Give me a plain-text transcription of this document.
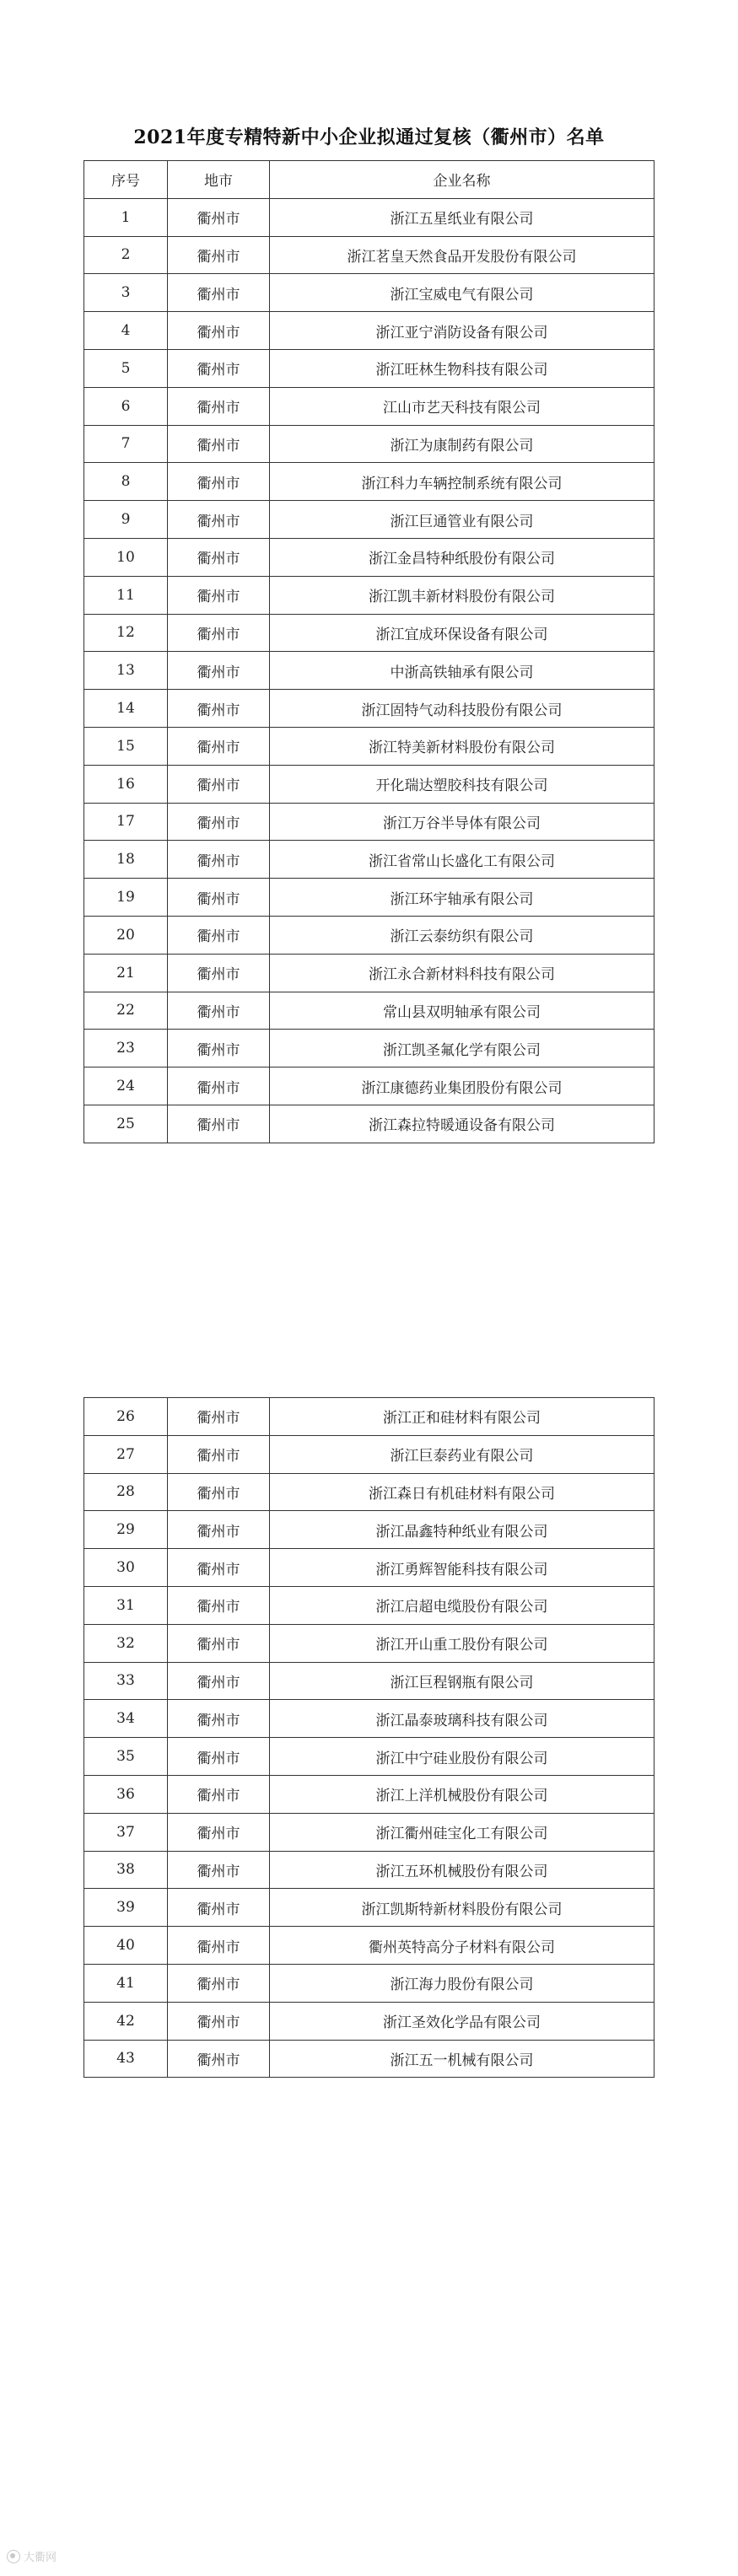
2021年度专精特新中小企业拟通过复核（衢州市）名单
序号	地市	企业名称
1	衢州市	浙江五星纸业有限公司
2	衢州市	浙江茗皇天然食品开发股份有限公司
3	衢州市	浙江宝威电气有限公司
4	衢州市	浙江亚宁消防设备有限公司
5	衢州市	浙江旺林生物科技有限公司
6	衢州市	江山市艺天科技有限公司
7	衢州市	浙江为康制药有限公司
8	衢州市	浙江科力车辆控制系统有限公司
9	衢州市	浙江巨通管业有限公司
10	衢州市	浙江金昌特种纸股份有限公司
11	衢州市	浙江凯丰新材料股份有限公司
12	衢州市	浙江宜成环保设备有限公司
13	衢州市	中浙高铁轴承有限公司
14	衢州市	浙江固特气动科技股份有限公司
15	衢州市	浙江特美新材料股份有限公司
16	衢州市	开化瑞达塑胶科技有限公司
17	衢州市	浙江万谷半导体有限公司
18	衢州市	浙江省常山长盛化工有限公司
19	衢州市	浙江环宇轴承有限公司
20	衢州市	浙江云泰纺织有限公司
21	衢州市	浙江永合新材料科技有限公司
22	衢州市	常山县双明轴承有限公司
23	衢州市	浙江凯圣氟化学有限公司
24	衢州市	浙江康德药业集团股份有限公司
25	衢州市	浙江森拉特暖通设备有限公司
26	衢州市	浙江正和硅材料有限公司
27	衢州市	浙江巨泰药业有限公司
28	衢州市	浙江森日有机硅材料有限公司
29	衢州市	浙江晶鑫特种纸业有限公司
30	衢州市	浙江勇辉智能科技有限公司
31	衢州市	浙江启超电缆股份有限公司
32	衢州市	浙江开山重工股份有限公司
33	衢州市	浙江巨程钢瓶有限公司
34	衢州市	浙江晶泰玻璃科技有限公司
35	衢州市	浙江中宁硅业股份有限公司
36	衢州市	浙江上洋机械股份有限公司
37	衢州市	浙江衢州硅宝化工有限公司
38	衢州市	浙江五环机械股份有限公司
39	衢州市	浙江凯斯特新材料股份有限公司
40	衢州市	衢州英特高分子材料有限公司
41	衢州市	浙江海力股份有限公司
42	衢州市	浙江圣效化学品有限公司
43	衢州市	浙江五一机械有限公司
大衢网
